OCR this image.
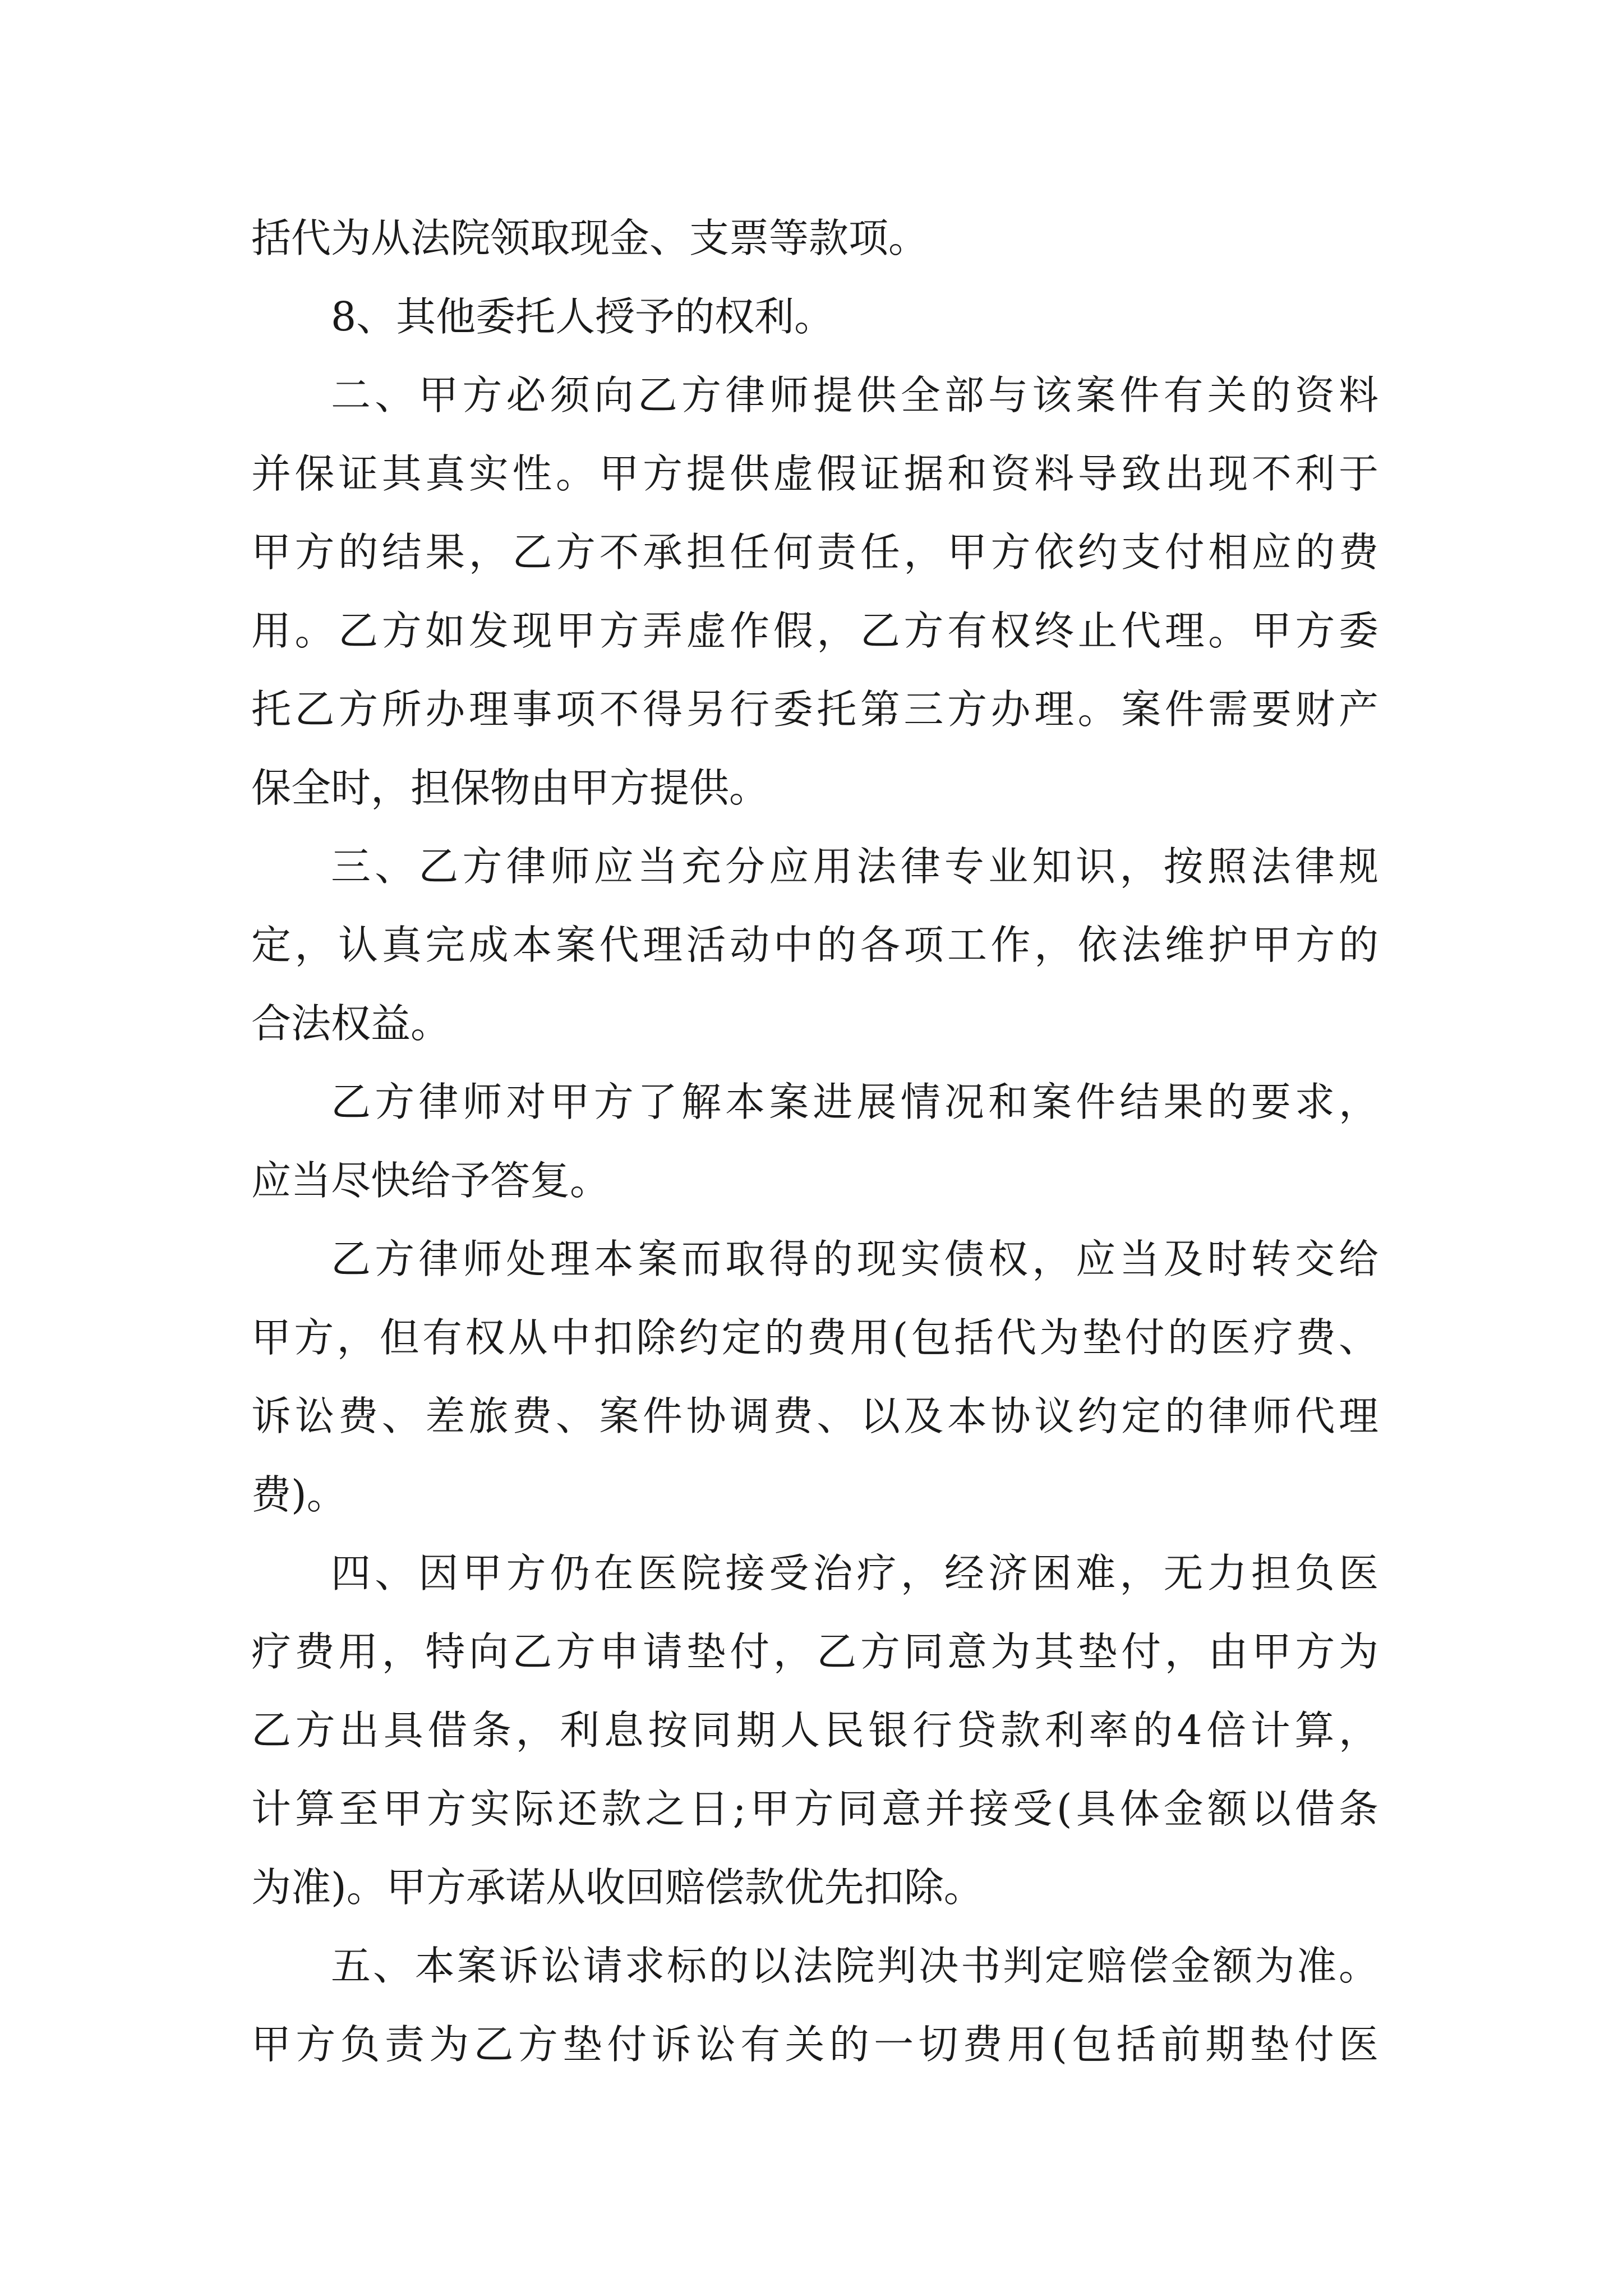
括代为从法院领取现金、支票等款项。

8、其他委托人授予的权利。

二、甲方必须向乙方律师提供全部与该案件有关的资料

并保证其真实性。甲方提供虚假证据和资料导致出现不利于

甲方的结果，乙方不承担任何责任，甲方依约支付相应的费

用。乙方如发现甲方弄虚作假，乙方有权终止代理。甲方委

托乙方所办理事项不得另行委托第三方办理。案件需要财产

保全时，担保物由甲方提供。

三、乙方律师应当充分应用法律专业知识，按照法律规

定，认真完成本案代理活动中的各项工作，依法维护甲方的

合法权益。

乙方律师对甲方了解本案进展情况和案件结果的要求，

应当尽快给予答复。

乙方律师处理本案而取得的现实债权，应当及时转交给

甲方，但有权从中扣除约定的费用(包括代为垫付的医疗费、

诉讼费、差旅费、案件协调费、以及本协议约定的律师代理

费)。

四、因甲方仍在医院接受治疗，经济困难，无力担负医

疗费用，特向乙方申请垫付，乙方同意为其垫付，由甲方为

乙方出具借条，利息按同期人民银行贷款利率的4倍计算，

计算至甲方实际还款之日;甲方同意并接受(具体金额以借条

为准)。甲方承诺从收回赔偿款优先扣除。

五、本案诉讼请求标的以法院判决书判定赔偿金额为准。

甲方负责为乙方垫付诉讼有关的一切费用(包括前期垫付医
